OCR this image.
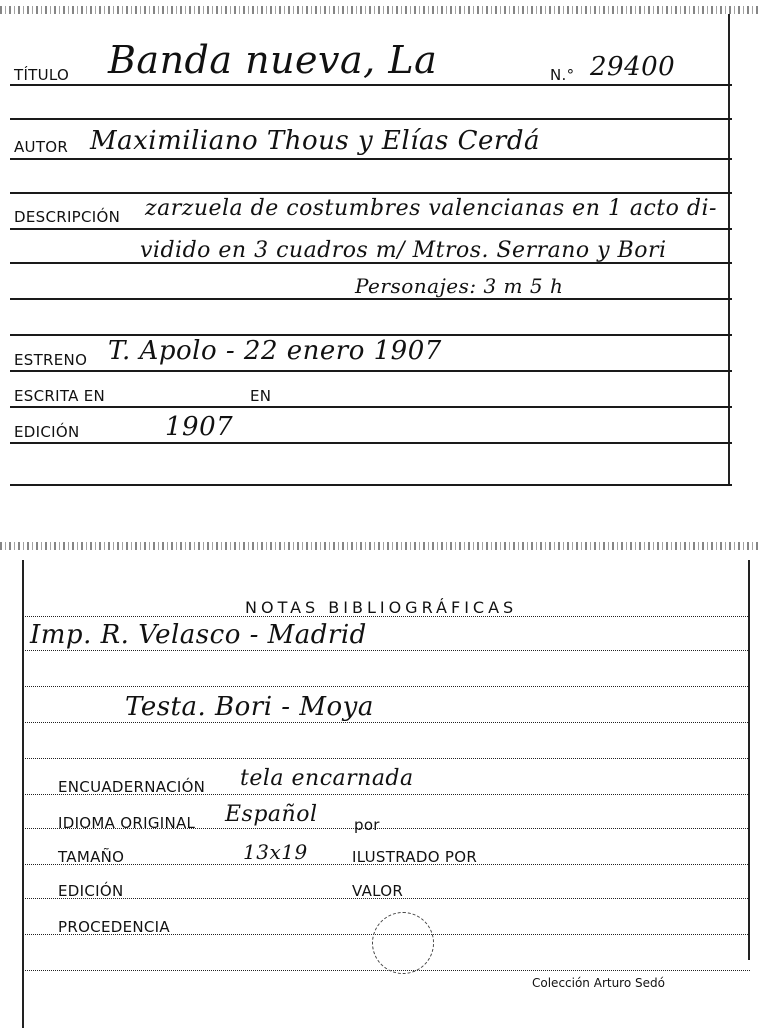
TÍTULO Banda nueva, La	N.° 29400
AUTOR Maximiliano Thous y Elías Cerdá
DESCRIPCIÓN zarzuela de costumbres valencianas en 1 acto di-
vidido en 3 cuadros m/ Mtros. Serrano y Bori
Personajes: 3 m 5 h
ESTRENO T. Apolo - 22 enero 1907
ESCRITA EN	EN
EDICIÓN	1907
NOTAS BIBLIOGRÁFICAS
Imp. R. Velasco - Madrid
Testa. Bori - Moya
ENCUADERNACIÓN tela encarnada
IDIOMA ORIGINAL Español por
TAMAÑO	13x19	ILUSTRADO POR
EDICIÓN	VALOR
PROCEDENCIA
Colección Arturo Sedó
